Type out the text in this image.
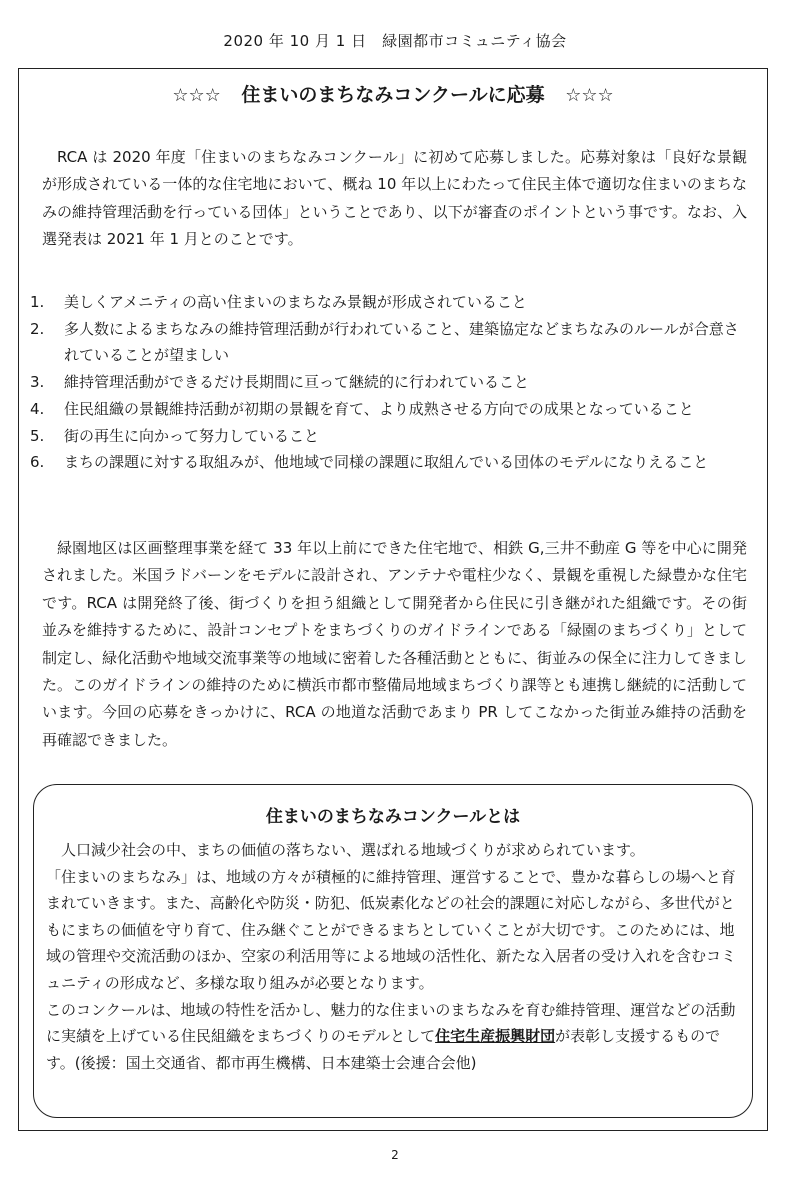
2020 年 10 月 1 日　緑園都市コミュニティ協会
☆☆☆ 住まいのまちなみコンクールに応募 ☆☆☆

RCA は 2020 年度「住まいのまちなみコンクール」に初めて応募しました。応募対象は「良好な景観が形成されている一体的な住宅地において、概ね 10 年以上にわたって住民主体で適切な住まいのまちなみの維持管理活動を行っている団体」ということであり、以下が審査のポイントという事です。なお、入選発表は 2021 年 1 月とのことです。

1.	美しくアメニティの高い住まいのまちなみ景観が形成されていること
2.	多人数によるまちなみの維持管理活動が行われていること、建築協定などまちなみのルールが合意されていることが望ましい
3.	維持管理活動ができるだけ長期間に亘って継続的に行われていること
4.	住民組織の景観維持活動が初期の景観を育て、より成熟させる方向での成果となっていること
5.	街の再生に向かって努力していること
6.	まちの課題に対する取組みが、他地域で同様の課題に取組んでいる団体のモデルになりえること

緑園地区は区画整理事業を経て 33 年以上前にできた住宅地で、相鉄 G,三井不動産 G 等を中心に開発されました。米国ラドバーンをモデルに設計され、アンテナや電柱少なく、景観を重視した緑豊かな住宅です。RCA は開発終了後、街づくりを担う組織として開発者から住民に引き継がれた組織です。その街並みを維持するために、設計コンセプトをまちづくりのガイドラインである「緑園のまちづくり」として制定し、緑化活動や地域交流事業等の地域に密着した各種活動とともに、街並みの保全に注力してきました。このガイドラインの維持のために横浜市都市整備局地域まちづくり課等とも連携し継続的に活動しています。今回の応募をきっかけに、RCA の地道な活動であまり PR してこなかった街並み維持の活動を再確認できました。

住まいのまちなみコンクールとは

人口減少社会の中、まちの価値の落ちない、選ばれる地域づくりが求められています。

「住まいのまちなみ」は、地域の方々が積極的に維持管理、運営することで、豊かな暮らしの場へと育まれていきます。また、高齢化や防災・防犯、低炭素化などの社会的課題に対応しながら、多世代がともにまちの価値を守り育て、住み継ぐことができるまちとしていくことが大切です。このためには、地域の管理や交流活動のほか、空家の利活用等による地域の活性化、新たな入居者の受け入れを含むコミュニティの形成など、多様な取り組みが必要となります。

このコンクールは、地域の特性を活かし、魅力的な住まいのまちなみを育む維持管理、運営などの活動に実績を上げている住民組織をまちづくりのモデルとして住宅生産振興財団が表彰し支援するものです。(後援：国土交通省、都市再生機構、日本建築士会連合会他)

2
